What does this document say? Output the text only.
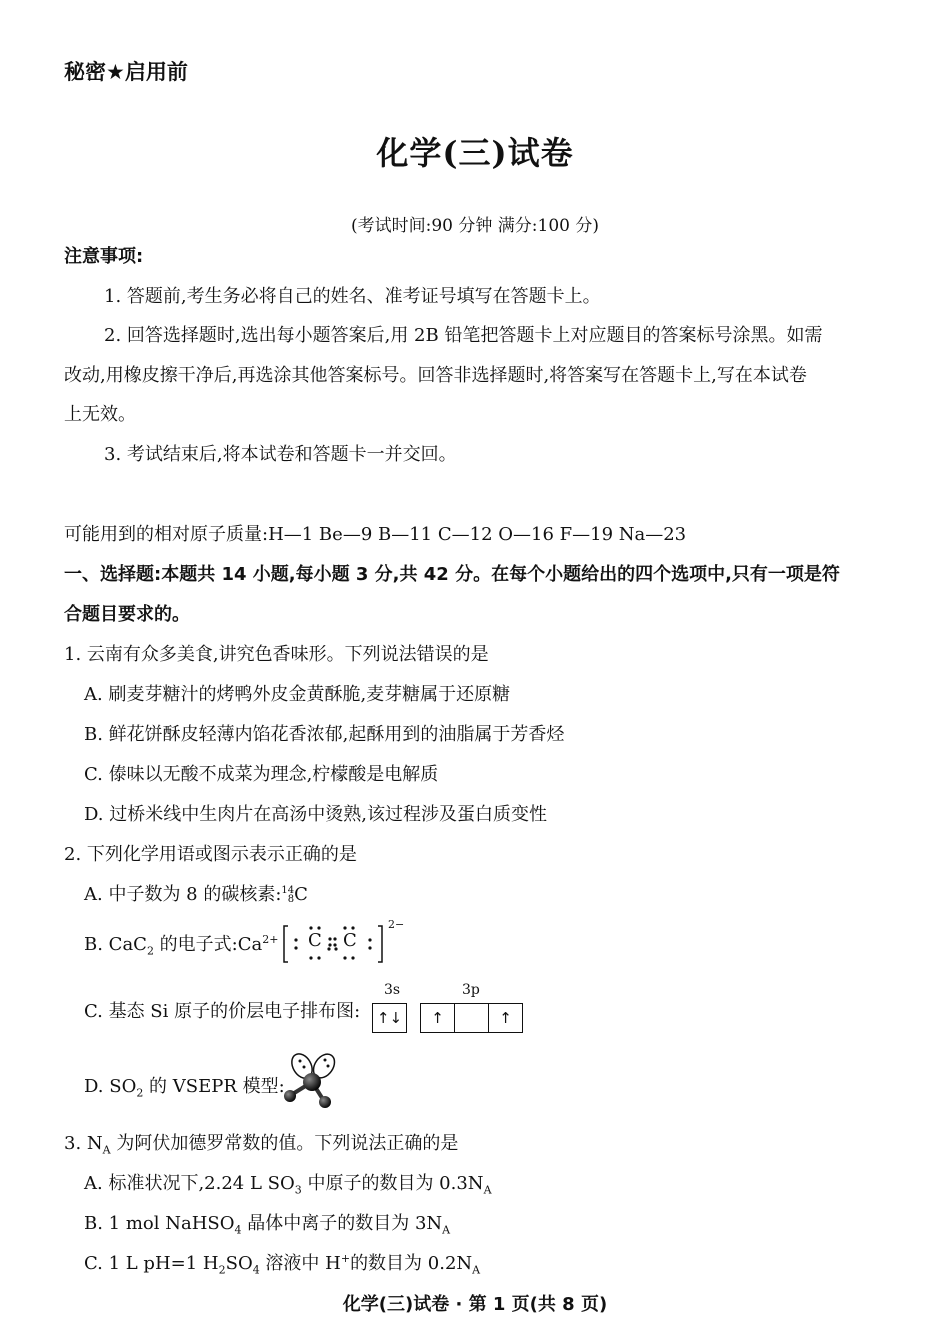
秘密★启用前
化学(三)试卷
(考试时间:90 分钟 满分:100 分)
注意事项:
1. 答题前,考生务必将自己的姓名、准考证号填写在答题卡上。
2. 回答选择题时,选出每小题答案后,用 2B 铅笔把答题卡上对应题目的答案标号涂黑。如需
改动,用橡皮擦干净后,再选涂其他答案标号。回答非选择题时,将答案写在答题卡上,写在本试卷
上无效。
3. 考试结束后,将本试卷和答题卡一并交回。
可能用到的相对原子质量:H—1 Be—9 B—11 C—12 O—16 F—19 Na—23
一、选择题:本题共 14 小题,每小题 3 分,共 42 分。在每个小题给出的四个选项中,只有一项是符
合题目要求的。
1. 云南有众多美食,讲究色香味形。下列说法错误的是
A. 刷麦芽糖汁的烤鸭外皮金黄酥脆,麦芽糖属于还原糖
B. 鲜花饼酥皮轻薄内馅花香浓郁,起酥用到的油脂属于芳香烃
C. 傣味以无酸不成菜为理念,柠檬酸是电解质
D. 过桥米线中生肉片在高汤中烫熟,该过程涉及蛋白质变性
2. 下列化学用语或图示表示正确的是
A. 中子数为 8 的碳核素: 14
8 C
B. CaC$_2$ 的电子式$:Ca^{2+}$ C C
2−
C. 基态 Si 原子的价层电子排布图:
3s	3p
↑↓	↑	↑
D. $SO_2$ 的 VSEPR 模型:
3. $N_A$ 为阿伏加德罗常数的值。下列说法正确的是
A. 标准状况下,2.24 L $SO_3$ 中原子的数目为 $0.3N_A$
B. 1 mol NaHSO$_4$ 晶体中离子的数目为 $3N_A$
C. 1 L pH=1 $H_2SO_4$ 溶液中 H+的数目为 $0.2N_A$
化学(三)试卷 · 第 1 页(共 8 页)
